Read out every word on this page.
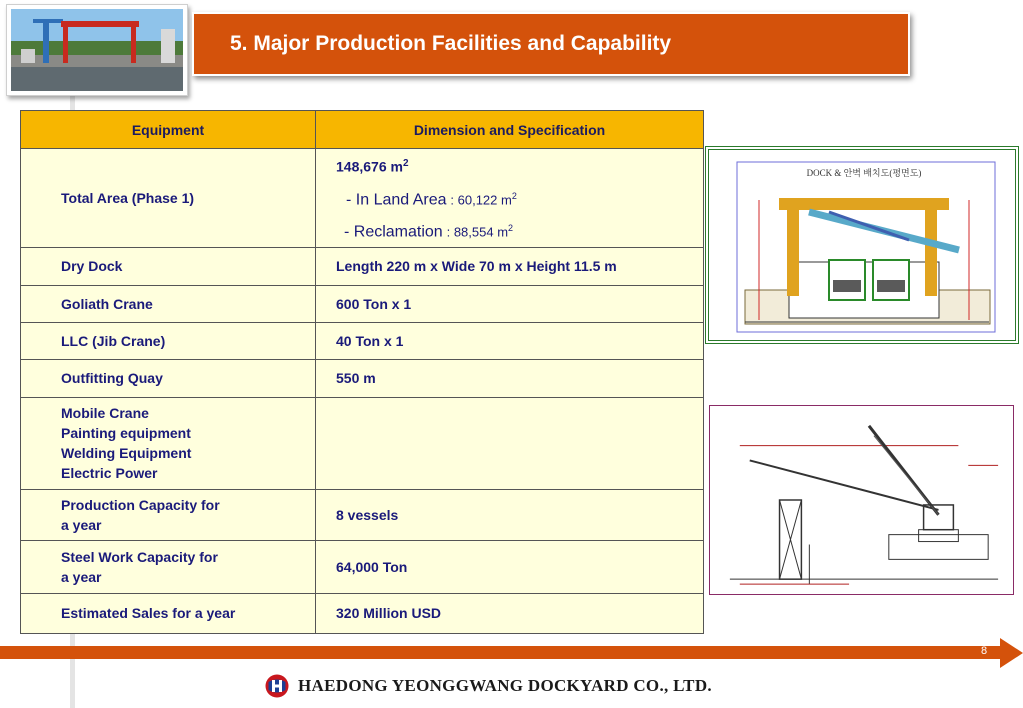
5. Major Production Facilities and Capability
Equipment	Dimension and Specification
Total Area (Phase 1)	148,676 $m^2$
- In Land Area : 60,122 $m^2$
- Reclamation : 88,554 $m^2$

Dry Dock	Length 220 m x Wide 70 m x Height 11.5 m
Goliath Crane	600 Ton x 1
LLC (Jib Crane)	40 Ton x 1
Outfitting Quay	550 m

Mobile Crane
Painting equipment
Welding Equipment
Electric Power	

Production Capacity for
a year	8 vessels

Steel Work Capacity for
a year	64,000 Ton
Estimated Sales for a year	320 Million USD
DOCK & 안벽 배치도(평면도)
8
HAEDONG YEONGGWANG DOCKYARD CO., LTD.
